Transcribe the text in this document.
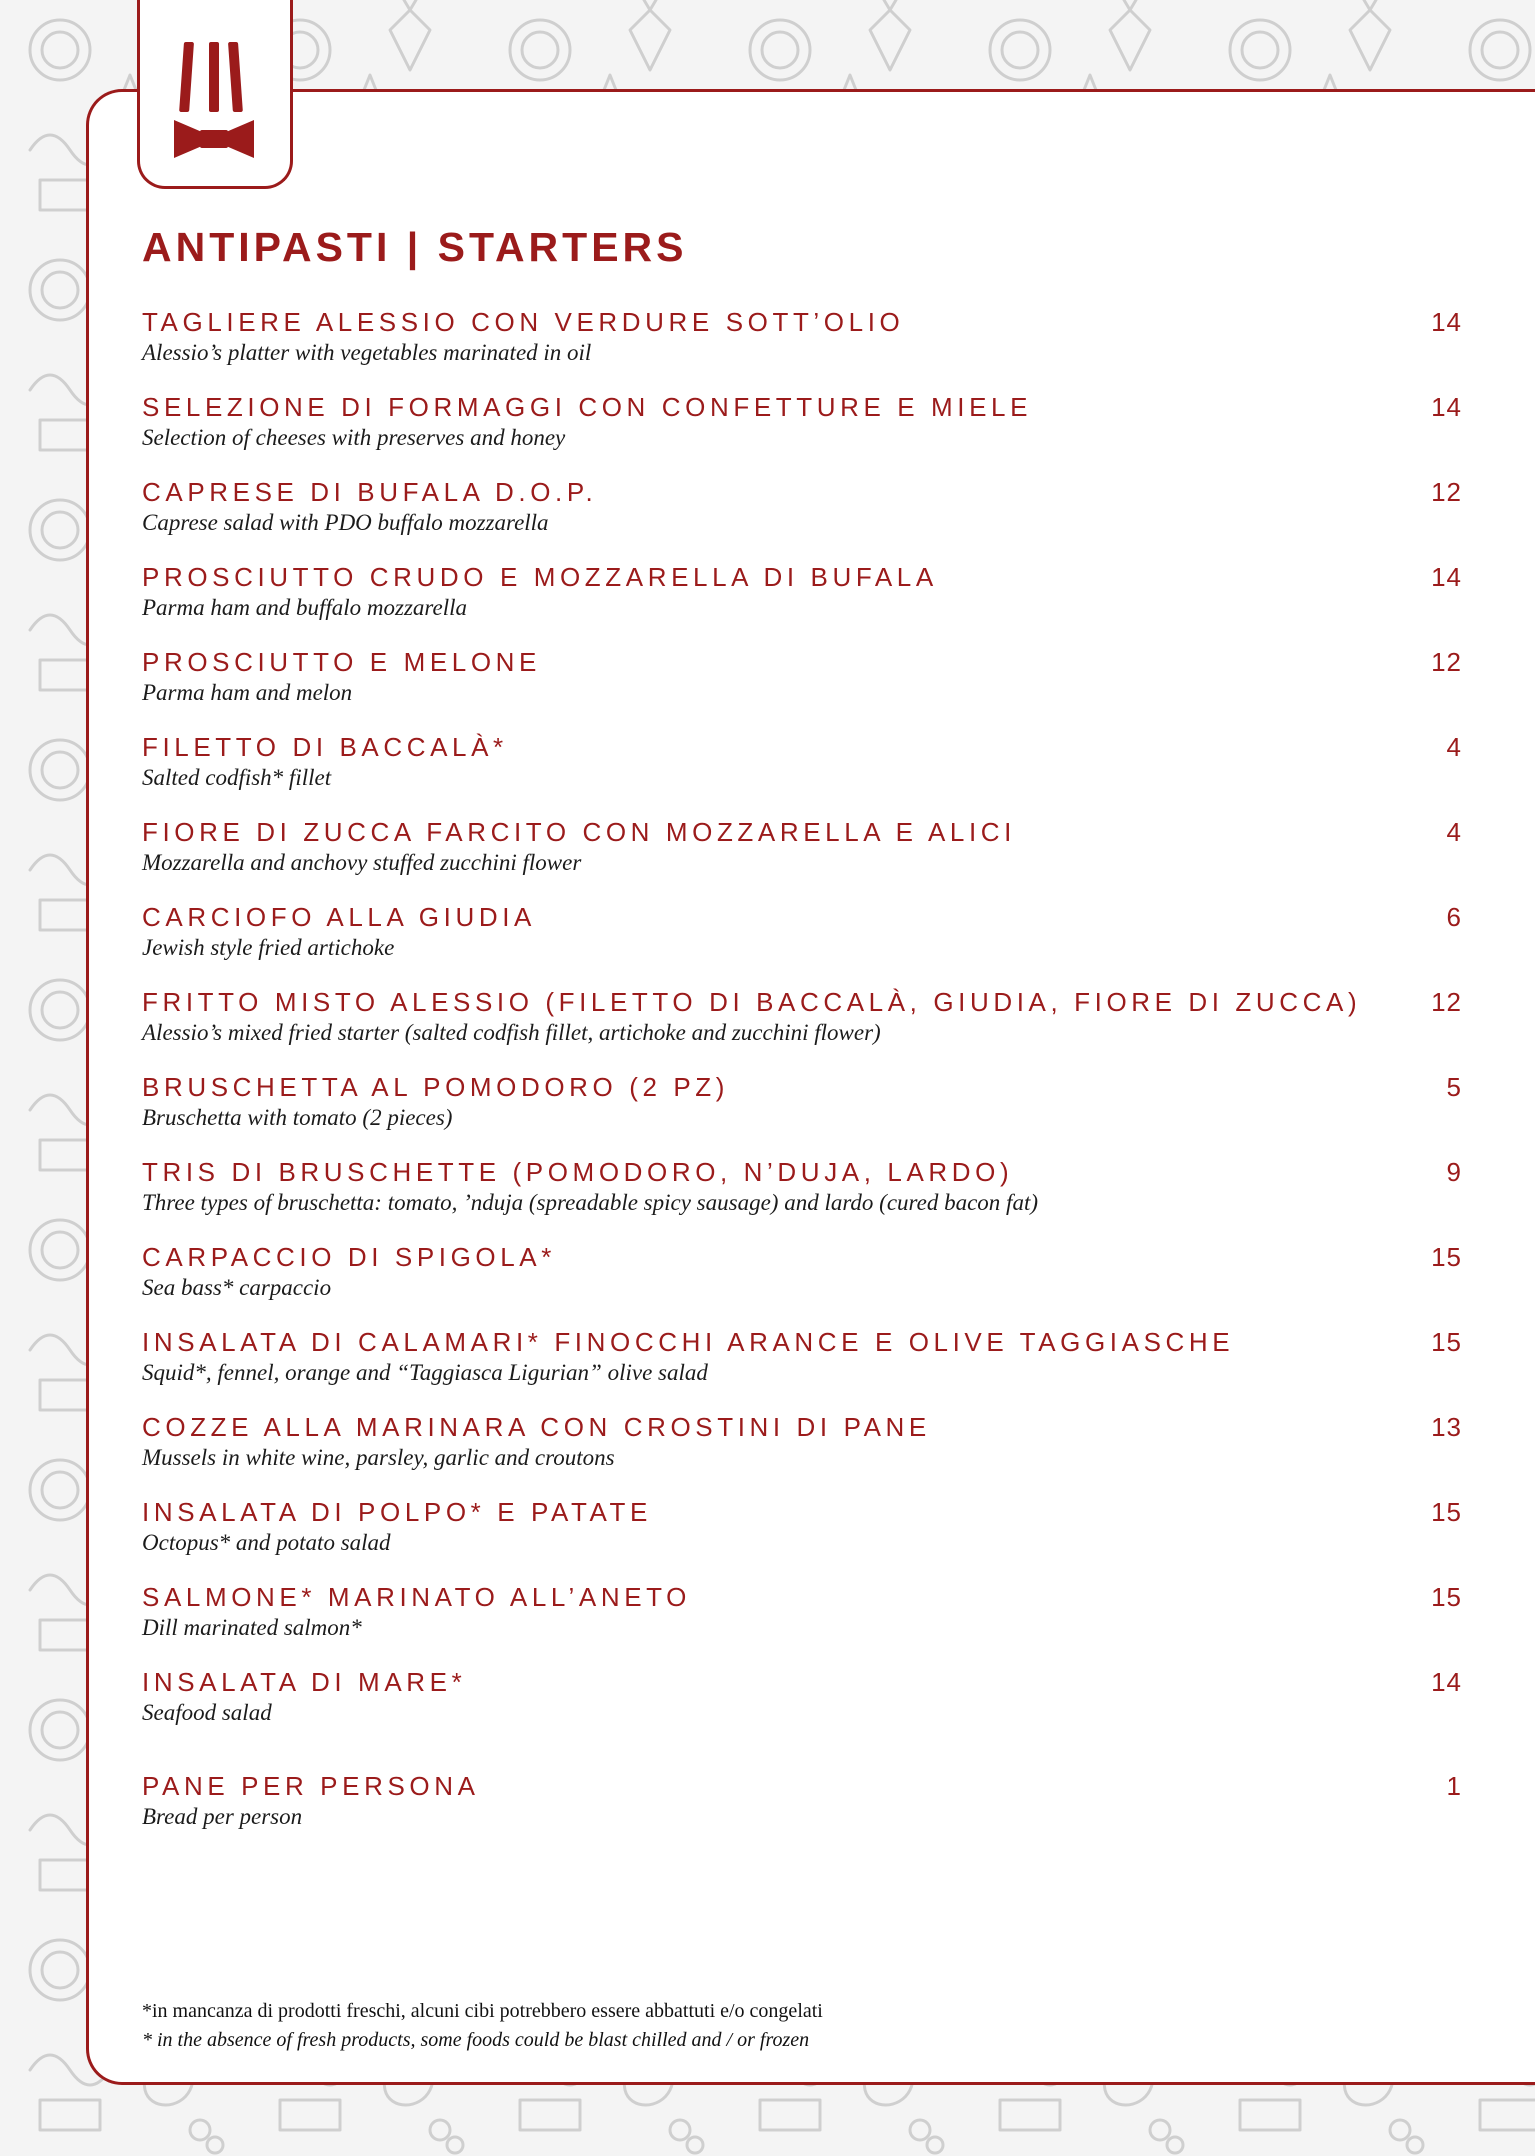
ANTIPASTI | STARTERS
TAGLIERE ALESSIO CON VERDURE SOTT’OLIO
Alessio’s platter with vegetables marinated in oil
14
SELEZIONE DI FORMAGGI CON CONFETTURE E MIELE
Selection of cheeses with preserves and honey
14
CAPRESE DI BUFALA D.O.P.
Caprese salad with PDO buffalo mozzarella
12
PROSCIUTTO CRUDO E MOZZARELLA DI BUFALA
Parma ham and buffalo mozzarella
14
PROSCIUTTO E MELONE
Parma ham and melon
12
FILETTO DI BACCALÀ*
Salted codfish* fillet
4
FIORE DI ZUCCA FARCITO CON MOZZARELLA E ALICI
Mozzarella and anchovy stuffed zucchini flower
4
CARCIOFO ALLA GIUDIA
Jewish style fried artichoke
6
FRITTO MISTO ALESSIO (FILETTO DI BACCALÀ, GIUDIA, FIORE DI ZUCCA)
Alessio’s mixed fried starter (salted codfish fillet, artichoke and zucchini flower)
12
BRUSCHETTA AL POMODORO (2 PZ)
Bruschetta with tomato (2 pieces)
5
TRIS DI BRUSCHETTE (POMODORO, N’DUJA, LARDO)
Three types of bruschetta: tomato, ’nduja (spreadable spicy sausage) and lardo (cured bacon fat)
9
CARPACCIO DI SPIGOLA*
Sea bass* carpaccio
15
INSALATA DI CALAMARI* FINOCCHI ARANCE E OLIVE TAGGIASCHE
Squid*, fennel, orange and “Taggiasca Ligurian” olive salad
15
COZZE ALLA MARINARA CON CROSTINI DI PANE
Mussels in white wine, parsley, garlic and croutons
13
INSALATA DI POLPO* E PATATE
Octopus* and potato salad
15
SALMONE* MARINATO ALL’ANETO
Dill marinated salmon*
15
INSALATA DI MARE*
Seafood salad
14
PANE PER PERSONA
Bread per person
1
*in mancanza di prodotti freschi, alcuni cibi potrebbero essere abbattuti e/o congelati
* in the absence of fresh products, some foods could be blast chilled and / or frozen
